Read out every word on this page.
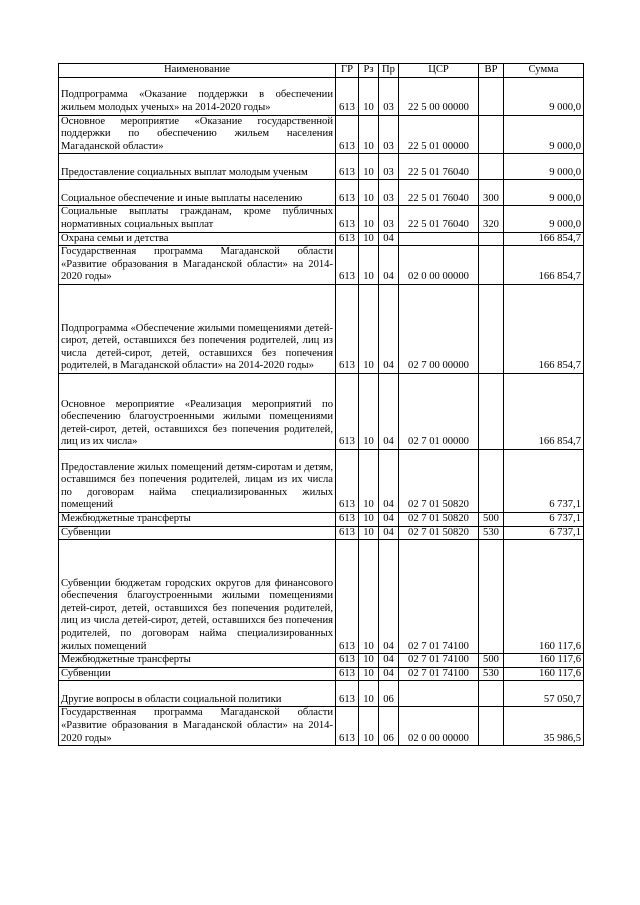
Наименование	ГР	Рз	Пр	ЦСР	ВР	Сумма
Подпрограмма «Оказание поддержки в обеспечении жильем молодых ученых» на 2014-2020 годы»	613	10	03	22 5 00 00000		9 000,0
Основное мероприятие «Оказание государственной поддержки по обеспечению жильем населения Магаданской области»	613	10	03	22 5 01 00000		9 000,0
Предоставление социальных выплат молодым ученым	613	10	03	22 5 01 76040		9 000,0
Социальное обеспечение и иные выплаты населению	613	10	03	22 5 01 76040	300	9 000,0
Социальные выплаты гражданам, кроме публичных нормативных социальных выплат	613	10	03	22 5 01 76040	320	9 000,0
Охрана семьи и детства	613	10	04			166 854,7
Государственная программа Магаданской области «Развитие образования в Магаданской области» на 2014-2020 годы»	613	10	04	02 0 00 00000		166 854,7
Подпрограмма «Обеспечение жилыми помещениями детей-сирот, детей, оставшихся без попечения родителей, лиц из числа детей-сирот, детей, оставшихся без попечения родителей, в Магаданской области» на 2014-2020 годы»	613	10	04	02 7 00 00000		166 854,7
Основное мероприятие «Реализация мероприятий по обеспечению благоустроенными жилыми помещениями детей-сирот, детей, оставшихся без попечения родителей, лиц из их числа»	613	10	04	02 7 01 00000		166 854,7
Предоставление жилых помещений детям-сиротам и детям, оставшимся без попечения родителей, лицам из их числа по договорам найма специализированных жилых помещений	613	10	04	02 7 01 50820		6 737,1
Межбюджетные трансферты	613	10	04	02 7 01 50820	500	6 737,1
Субвенции	613	10	04	02 7 01 50820	530	6 737,1
Субвенции бюджетам городских округов для финансового обеспечения благоустроенными жилыми помещениями детей-сирот, детей, оставшихся без попечения родителей, лиц из числа детей-сирот, детей, оставшихся без попечения родителей, по договорам найма специализированных жилых помещений	613	10	04	02 7 01 74100		160 117,6
Межбюджетные трансферты	613	10	04	02 7 01 74100	500	160 117,6
Субвенции	613	10	04	02 7 01 74100	530	160 117,6
Другие вопросы в области социальной политики	613	10	06			57 050,7
Государственная программа Магаданской области «Развитие образования в Магаданской области» на 2014-2020 годы»	613	10	06	02 0 00 00000		35 986,5
